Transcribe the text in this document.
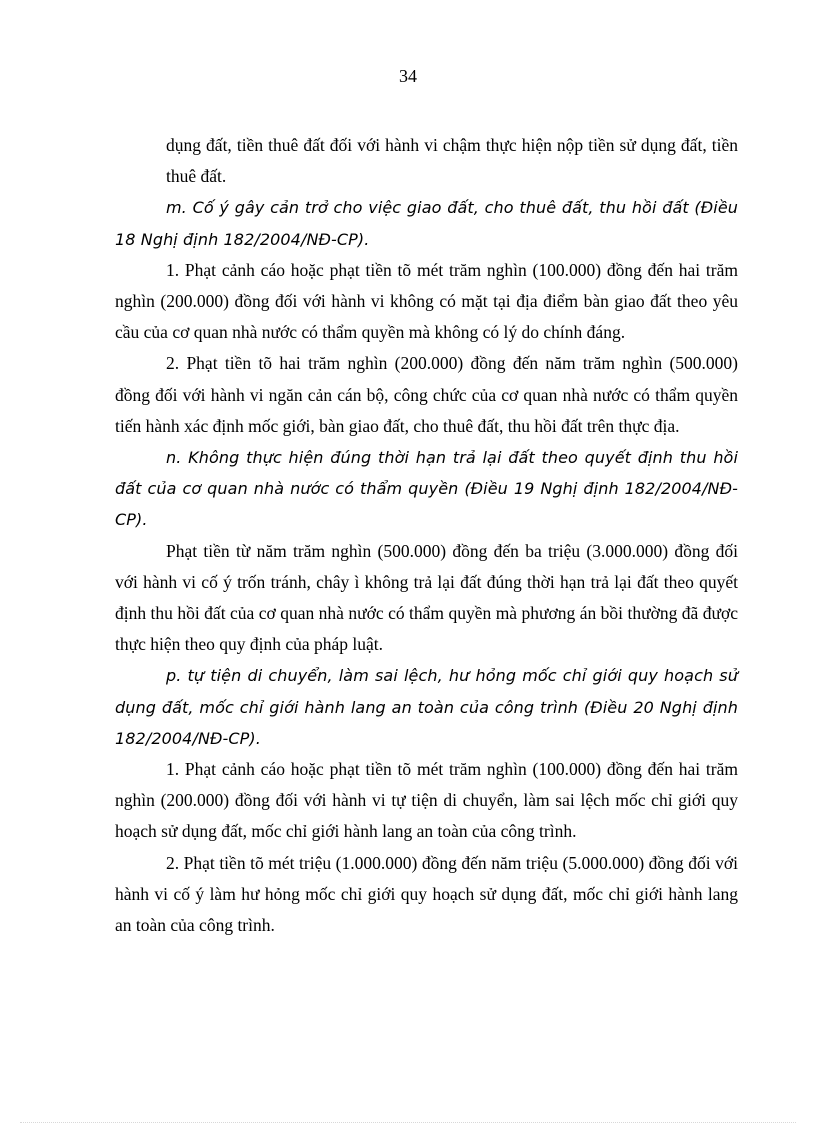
34

dụng đất, tiền thuê đất đối với hành vi chậm thực hiện nộp tiền sử dụng đất, tiền thuê đất.

m. Cố ý gây cản trở cho việc giao đất, cho thuê đất, thu hồi đất (Điều 18 Nghị định 182/2004/NĐ-CP).

1. Phạt cảnh cáo hoặc phạt tiền tõ mét trăm nghìn (100.000) đồng đến hai trăm nghìn (200.000) đồng đối với hành vi không có mặt tại địa điểm bàn giao đất theo yêu cầu của cơ quan nhà nước có thẩm quyền mà không có lý do chính đáng.

2. Phạt tiền tõ hai trăm nghìn (200.000) đồng đến năm trăm nghìn (500.000) đồng đối với hành vi ngăn cản cán bộ, công chức của cơ quan nhà nước có thẩm quyền tiến hành xác định mốc giới, bàn giao đất, cho thuê đất, thu hồi đất trên thực địa.

n. Không thực hiện đúng thời hạn trả lại đất theo quyết định thu hồi đất của cơ quan nhà nước có thẩm quyền (Điều 19 Nghị định 182/2004/NĐ-CP).

Phạt tiền từ năm trăm nghìn (500.000) đồng đến ba triệu (3.000.000) đồng đối với hành vi cố ý trốn tránh, chây ì không trả lại đất đúng thời hạn trả lại đất theo quyết định thu hồi đất của cơ quan nhà nước có thẩm quyền mà phương án bồi thường đã được thực hiện theo quy định của pháp luật.

p. tự tiện di chuyển, làm sai lệch, hư hỏng mốc chỉ giới quy hoạch sử dụng đất, mốc chỉ giới hành lang an toàn của công trình (Điều 20 Nghị định 182/2004/NĐ-CP).

1. Phạt cảnh cáo hoặc phạt tiền tõ mét trăm nghìn (100.000) đồng đến hai trăm nghìn (200.000) đồng đối với hành vi tự tiện di chuyển, làm sai lệch mốc chỉ giới quy hoạch sử dụng đất, mốc chỉ giới hành lang an toàn của công trình.

2. Phạt tiền tõ mét triệu (1.000.000) đồng đến năm triệu (5.000.000) đồng đối với hành vi cố ý làm hư hỏng mốc chỉ giới quy hoạch sử dụng đất, mốc chỉ giới hành lang an toàn của công trình.
